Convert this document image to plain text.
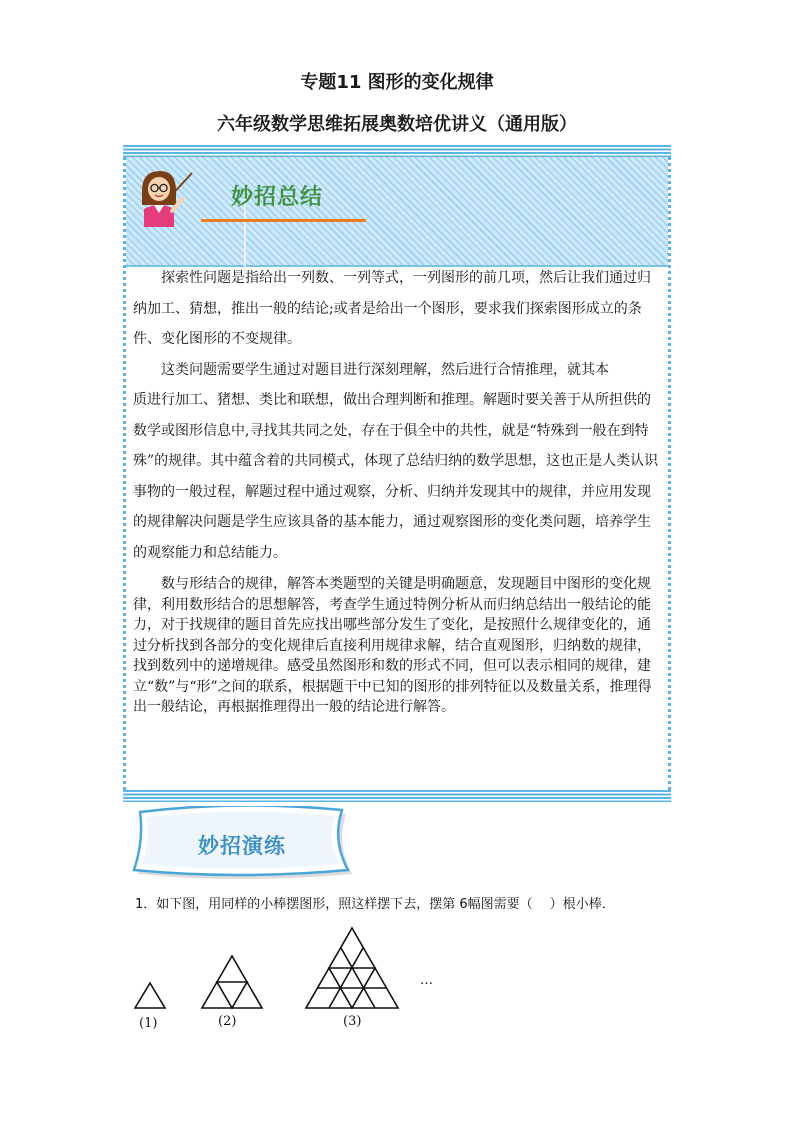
专题11 图形的变化规律
六年级数学思维拓展奥数培优讲义（通用版）
妙招总结

探索性问题是指给出一列数、一列等式，一列图形的前几项，然后让我们通过归纳加工、猜想，推出一般的结论;或者是给出一个图形，要求我们探索图形成立的条件、变化图形的不变规律。

这类问题需要学生通过对题目进行深刻理解，然后进行合情推理，就其本

质进行加工、猪想、类比和联想，做出合理判断和推理。解题时要关善于从所担供的数学或图形信息中,寻找其共同之处，存在于俱全中的共性，就是“特殊到一般在到特殊”的规律。其中蕴含着的共同模式，体现了总结归纳的数学思想，这也正是人类认识事物的一般过程，解题过程中通过观察，分析、归纳并发现其中的规律，并应用发现的规律解决问题是学生应该具备的基本能力，通过观察图形的变化类问题，培养学生的观察能力和总结能力。

数与形结合的规律，解答本类题型的关键是明确题意，发现题目中图形的变化规律，利用数形结合的思想解答，考查学生通过特例分析从而归纳总结出一般结论的能力，对于找规律的题目首先应找出哪些部分发生了变化，是按照什么规律变化的，通过分析找到各部分的变化规律后直接利用规律求解，结合直观图形，归纳数的规律，找到数列中的递增规律。感受虽然图形和数的形式不同，但可以表示相同的规律，建立“数”与“形”之间的联系，根据题干中已知的图形的排列特征以及数量关系，推理得出一般结论，再根据推理得出一般的结论进行解答。

妙招演练
1．如下图，用同样的小棒摆图形，照这样摆下去，摆第 6幅图需要（　 ）根小棒．
…
(1)	(2)	(3)
